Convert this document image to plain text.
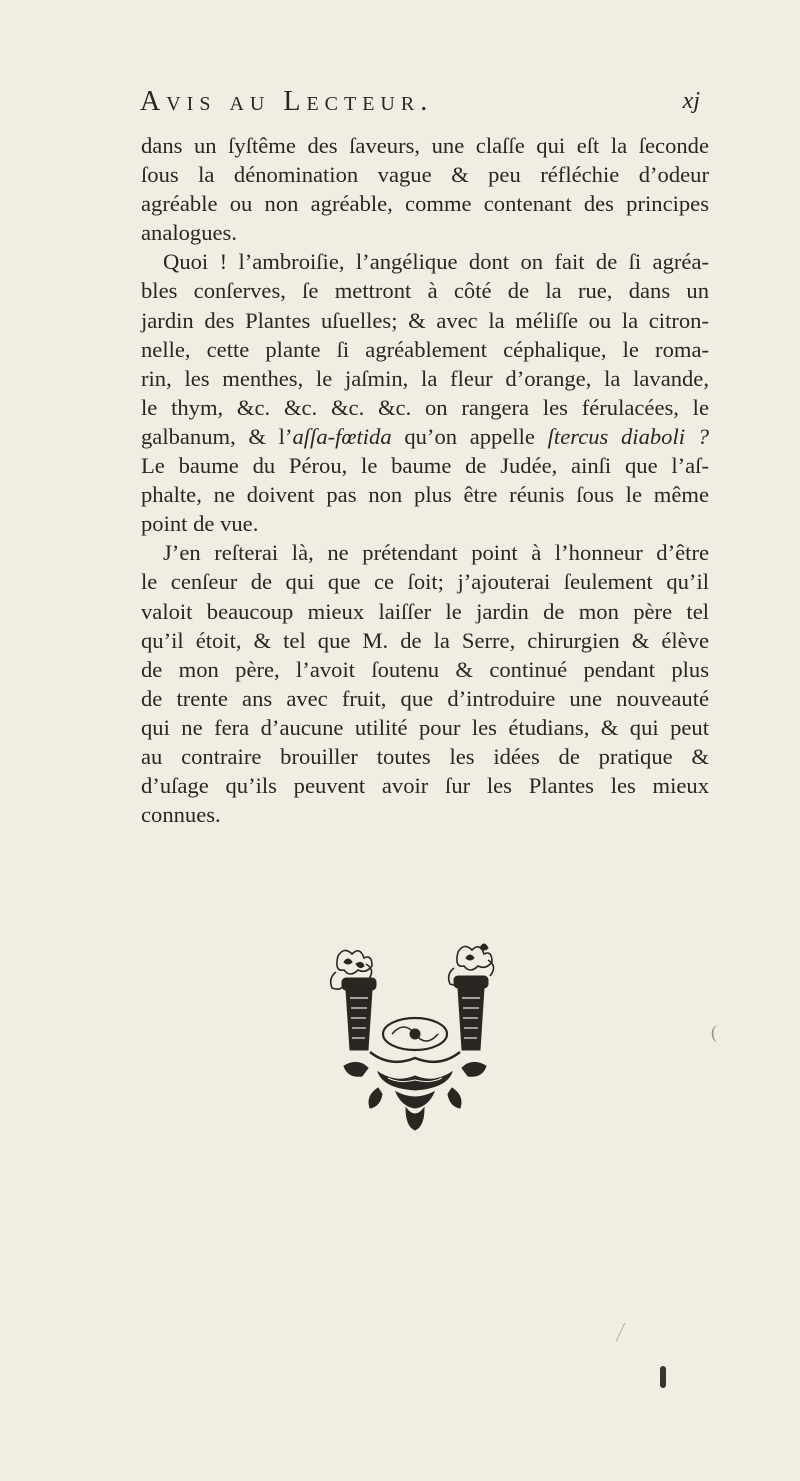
Avis au Lecteur.	xj
dans un ſyſtême des ſaveurs, une claſſe qui eſt la ſeconde
ſous la dénomination vague & peu réfléchie d’odeur
agréable ou non agréable, comme contenant des principes
analogues.
Quoi ! l’ambroiſie, l’angélique dont on fait de ſi agréa-
bles conſerves, ſe mettront à côté de la rue, dans un
jardin des Plantes uſuelles; & avec la méliſſe ou la citron-
nelle, cette plante ſi agréablement céphalique, le roma-
rin, les menthes, le jaſmin, la fleur d’orange, la lavande,
le thym, &c. &c. &c. &c. on rangera les férulacées, le
galbanum, & l’aſſa-fœtida qu’on appelle ſtercus diaboli ?
Le baume du Pérou, le baume de Judée, ainſi que l’aſ-
phalte, ne doivent pas non plus être réunis ſous le même
point de vue.
J’en reſterai là, ne prétendant point à l’honneur d’être
le cenſeur de qui que ce ſoit; j’ajouterai ſeulement qu’il
valoit beaucoup mieux laiſſer le jardin de mon père tel
qu’il étoit, & tel que M. de la Serre, chirurgien & élève
de mon père, l’avoit ſoutenu & continué pendant plus
de trente ans avec fruit, que d’introduire une nouveauté
qui ne fera d’aucune utilité pour les étudians, & qui peut
au contraire brouiller toutes les idées de pratique &
d’uſage qu’ils peuvent avoir ſur les Plantes les mieux
connues.
(
